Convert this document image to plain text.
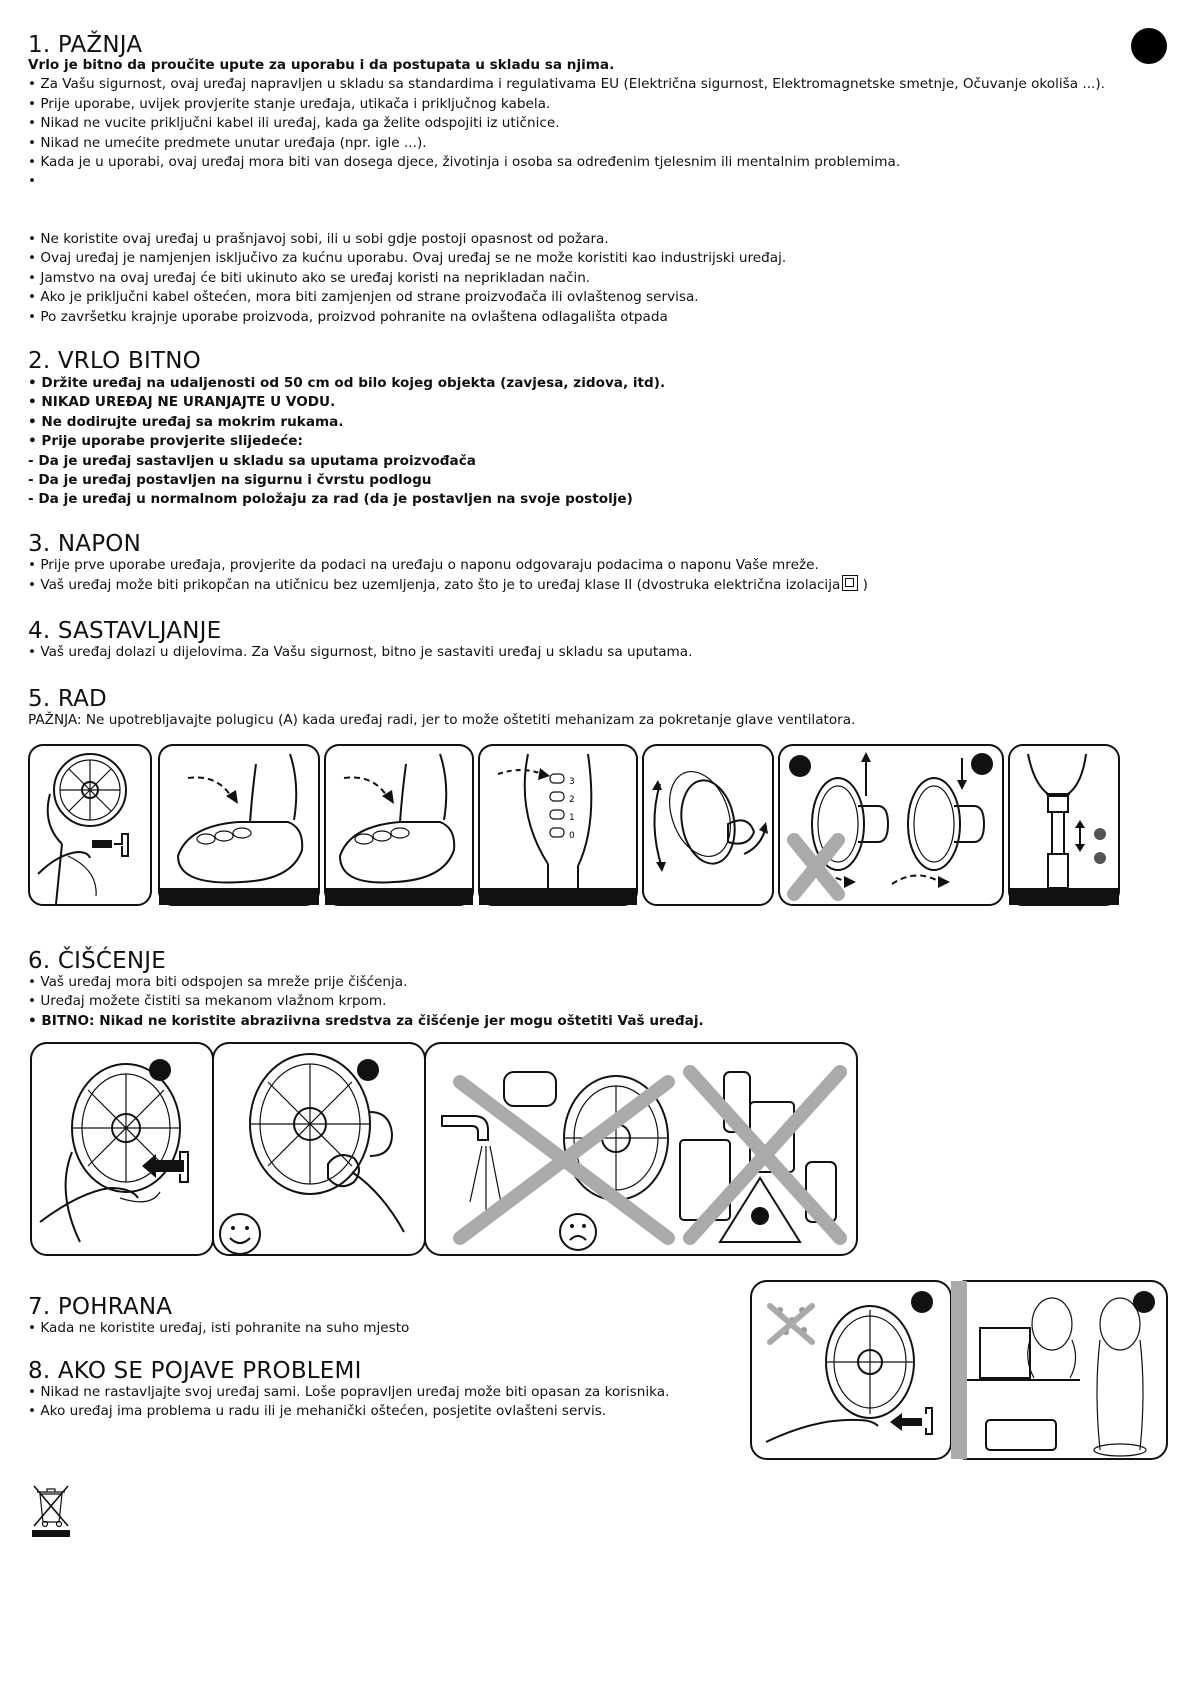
1. PAŽNJA
Vrlo je bitno da proučite upute za uporabu i da postupata u skladu sa njima.
• Za Vašu sigurnost, ovaj uređaj napravljen u skladu sa standardima i regulativama EU (Električna sigurnost, Elektromagnetske smetnje, Očuvanje okoliša ...).
• Prije uporabe, uvijek provjerite stanje uređaja, utikača i priključnog kabela.
• Nikad ne vucite priključni kabel ili uređaj, kada ga želite odspojiti iz utičnice.
• Nikad ne umećite predmete unutar uređaja (npr. igle ...).
• Kada je u uporabi, ovaj uređaj mora biti van dosega djece, životinja i osoba sa određenim tjelesnim ili mentalnim problemima.
•
• Ne koristite ovaj uređaj u prašnjavoj sobi, ili u sobi gdje postoji opasnost od požara.
• Ovaj uređaj je namjenjen isključivo za kućnu uporabu. Ovaj uređaj se ne može koristiti kao industrijski uređaj.
• Jamstvo na ovaj uređaj će biti ukinuto ako se uređaj koristi na neprikladan način.
• Ako je priključni kabel oštećen, mora biti zamjenjen od strane proizvođača ili ovlaštenog servisa.
• Po završetku krajnje uporabe proizvoda, proizvod pohranite na ovlaštena odlagališta otpada
2. VRLO BITNO
• Držite uređaj na udaljenosti od 50 cm od bilo kojeg objekta (zavjesa, zidova, itd).
• NIKAD UREĐAJ NE URANJAJTE U VODU.
• Ne dodirujte uređaj sa mokrim rukama.
• Prije uporabe provjerite slijedeće:
- Da je uređaj sastavljen u skladu sa uputama proizvođača
- Da je uređaj postavljen na sigurnu i čvrstu podlogu
- Da je uređaj u normalnom položaju za rad (da je postavljen na svoje postolje)
3. NAPON
• Prije prve uporabe uređaja, provjerite da podaci na uređaju o naponu odgovaraju podacima o naponu Vaše mreže.
• Vaš uređaj može biti prikopčan na utičnicu bez uzemljenja, zato što je to uređaj klase II (dvostruka električna izolacija )
4. SASTAVLJANJE
• Vaš uređaj dolazi u dijelovima. Za Vašu sigurnost, bitno je sastaviti uređaj u skladu sa uputama.
5. RAD
PAŽNJA: Ne upotrebljavajte polugicu (A) kada uređaj radi, jer to može oštetiti mehanizam za pokretanje glave ventilatora.
3
2
1
0
6. ČIŠĆENJE
• Vaš uređaj mora biti odspojen sa mreže prije čišćenja.
• Uređaj možete čistiti sa mekanom vlažnom krpom.
• BITNO: Nikad ne koristite abraziivna sredstva za čišćenje jer mogu oštetiti Vaš uređaj.
7. POHRANA
• Kada ne koristite uređaj, isti pohranite na suho mjesto
8. AKO SE POJAVE PROBLEMI
• Nikad ne rastavljajte svoj uređaj sami. Loše popravljen uređaj može biti opasan za korisnika.
• Ako uređaj ima problema u radu ili je mehanički oštećen, posjetite ovlašteni servis.
